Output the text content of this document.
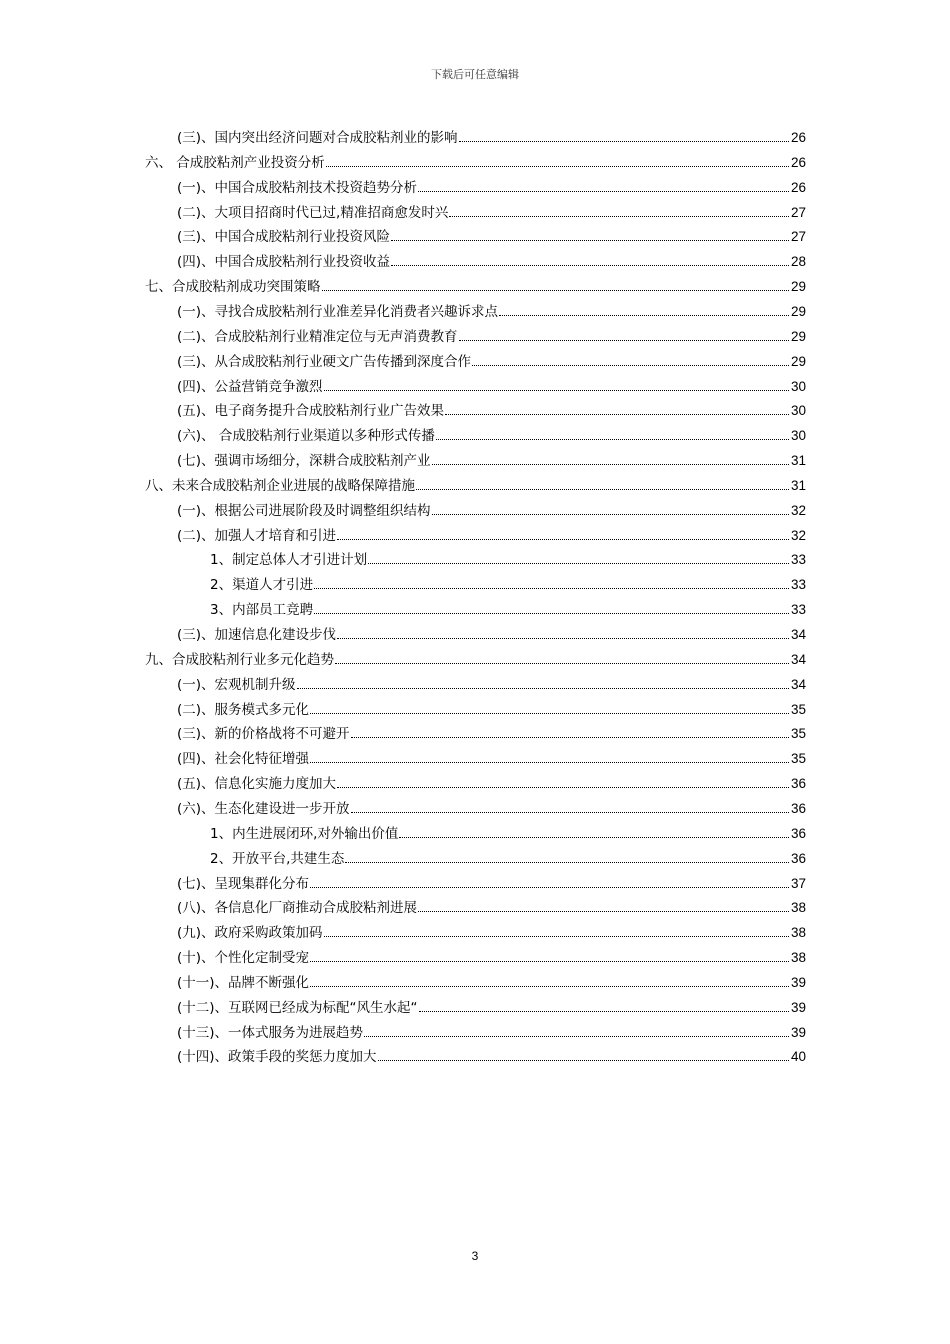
下载后可任意编辑
(三)、国内突出经济问题对合成胶粘剂业的影响	26
六、 合成胶粘剂产业投资分析	26
(一)、中国合成胶粘剂技术投资趋势分析	26
(二)、大项目招商时代已过,精准招商愈发时兴	27
(三)、中国合成胶粘剂行业投资风险	27
(四)、中国合成胶粘剂行业投资收益	28
七、合成胶粘剂成功突围策略	29
(一)、寻找合成胶粘剂行业准差异化消费者兴趣诉求点	29
(二)、合成胶粘剂行业精准定位与无声消费教育	29
(三)、从合成胶粘剂行业硬文广告传播到深度合作	29
(四)、公益营销竞争激烈	30
(五)、电子商务提升合成胶粘剂行业广告效果	30
(六)、 合成胶粘剂行业渠道以多种形式传播	30
(七)、强调市场细分，深耕合成胶粘剂产业	31
八、未来合成胶粘剂企业进展的战略保障措施	31
(一)、根据公司进展阶段及时调整组织结构	32
(二)、加强人才培育和引进	32
1、制定总体人才引进计划	33
2、渠道人才引进	33
3、内部员工竞聘	33
(三)、加速信息化建设步伐	34
九、合成胶粘剂行业多元化趋势	34
(一)、宏观机制升级	34
(二)、服务模式多元化	35
(三)、新的价格战将不可避开	35
(四)、社会化特征增强	35
(五)、信息化实施力度加大	36
(六)、生态化建设进一步开放	36
1、内生进展闭环,对外输出价值	36
2、开放平台,共建生态	36
(七)、呈现集群化分布	37
(八)、各信息化厂商推动合成胶粘剂进展	38
(九)、政府采购政策加码	38
(十)、个性化定制受宠	38
(十一)、品牌不断强化	39
(十二)、互联网已经成为标配“风生水起“	39
(十三)、一体式服务为进展趋势	39
(十四)、政策手段的奖惩力度加大	40
3
